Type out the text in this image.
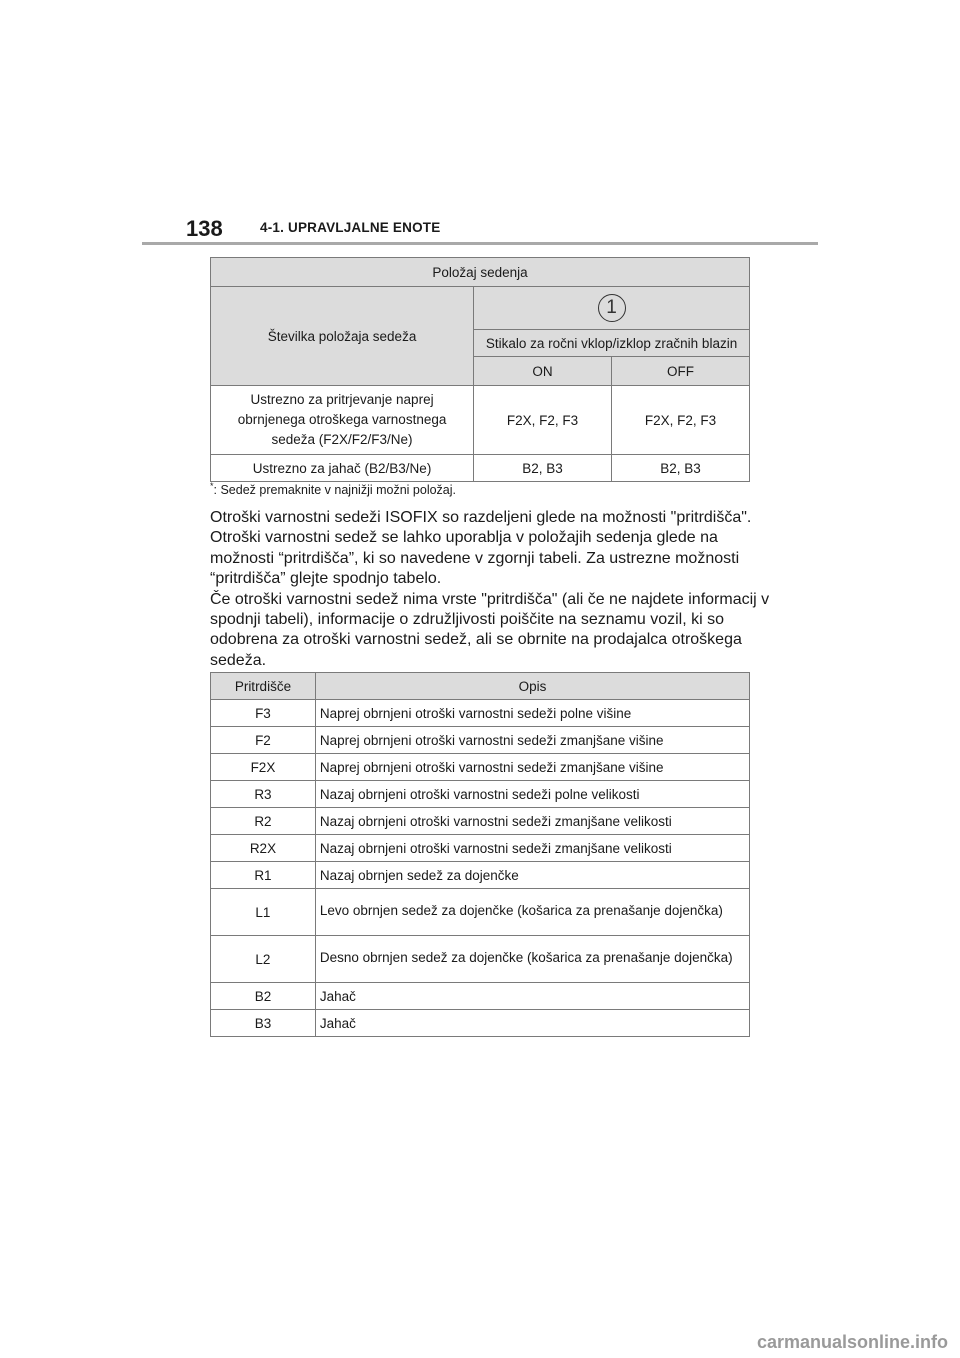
138	4-1. UPRAVLJALNE ENOTE
Položaj sedenja		
Številka položaja sedeža	1	
	Stikalo za ročni vklop/izklop zračnih blazin	
	ON	OFF
Ustrezno za pritrjevanje naprej
obrnjenega otroškega varnostnega
sedeža (F2X/F2/F3/Ne)	F2X, F2, F3	F2X, F2, F3
Ustrezno za jahač (B2/B3/Ne)	B2, B3	B2, B3
*: Sedež premaknite v najnižji možni položaj.

Otroški varnostni sedeži ISOFIX so razdeljeni glede na možnosti "pritrdišča". Otroški varnostni sedež se lahko uporablja v položajih sedenja glede na možnosti “pritrdišča”, ki so navedene v zgornji tabeli. Za ustrezne možnosti “pritrdišča” glejte spodnjo tabelo.

Če otroški varnostni sedež nima vrste "pritrdišča" (ali če ne najdete informacij v spodnji tabeli), informacije o združljivosti poiščite na seznamu vozil, ki so odobrena za otroški varnostni sedež, ali se obrnite na prodajalca otroškega sedeža.

Pritrdišče	Opis
F3	Naprej obrnjeni otroški varnostni sedeži polne višine
F2	Naprej obrnjeni otroški varnostni sedeži zmanjšane višine
F2X	Naprej obrnjeni otroški varnostni sedeži zmanjšane višine
R3	Nazaj obrnjeni otroški varnostni sedeži polne velikosti
R2	Nazaj obrnjeni otroški varnostni sedeži zmanjšane velikosti
R2X	Nazaj obrnjeni otroški varnostni sedeži zmanjšane velikosti
R1	Nazaj obrnjen sedež za dojenčke
L1	Levo obrnjen sedež za dojenčke (košarica za prenašanje dojenčka)
L2	Desno obrnjen sedež za dojenčke (košarica za prenašanje dojenčka)
B2	Jahač
B3	Jahač
carmanualsonline.info
